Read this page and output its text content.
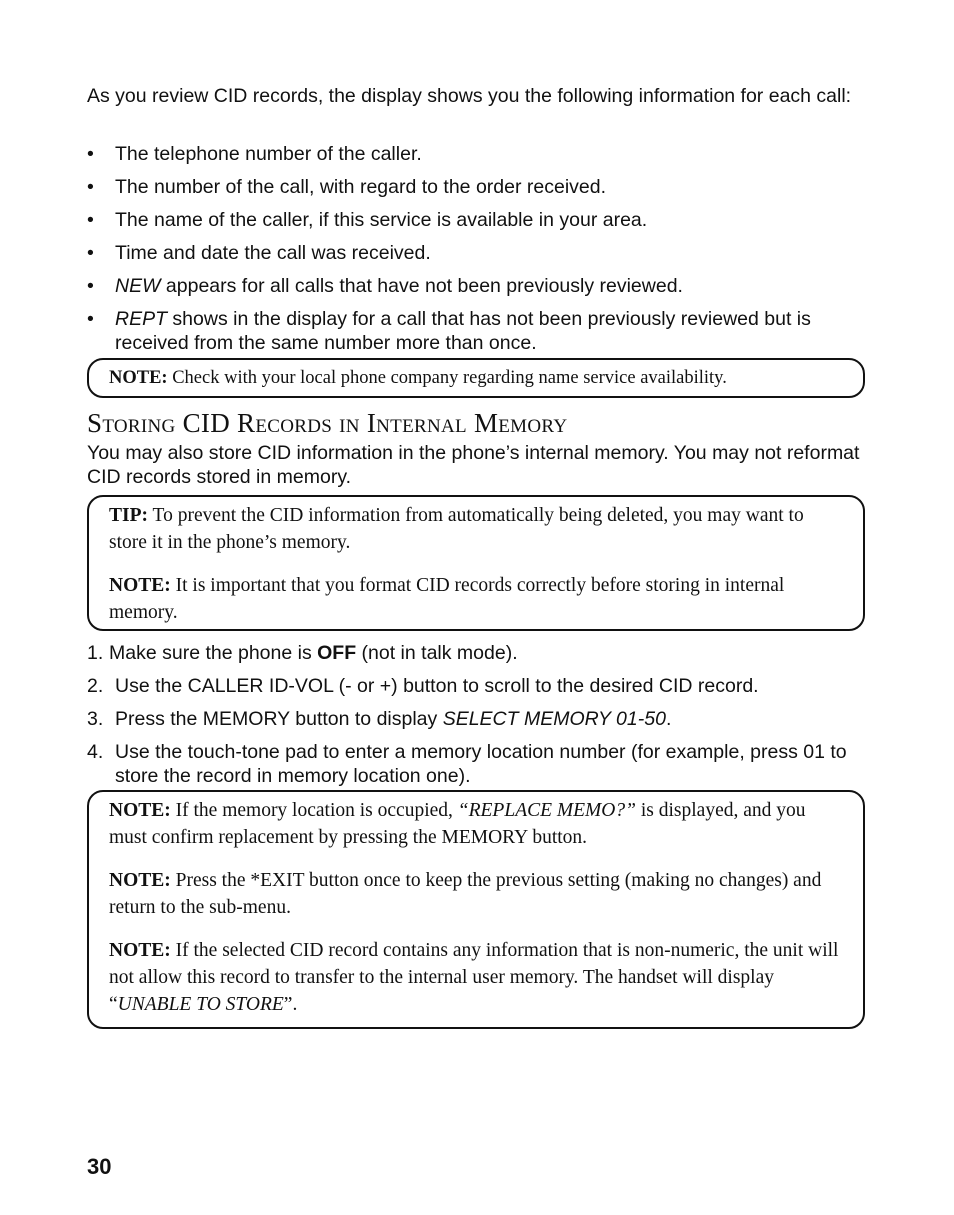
As you review CID records, the display shows you the following information for each call:

• The telephone number of the caller.
• The number of the call, with regard to the order received.
• The name of the caller, if this service is available in your area.
• Time and date the call was received.
• NEW appears for all calls that have not been previously reviewed.
• REPT shows in the display for a call that has not been previously reviewed but is received from the same number more than once.

NOTE: Check with your local phone company regarding name service availability.

Storing CID Records in Internal Memory

You may also store CID information in the phone’s internal memory. You may not reformat CID records stored in memory.

TIP: To prevent the CID information from automatically being deleted, you may want to store it in the phone’s memory.

NOTE: It is important that you format CID records correctly before storing in internal memory.

1. Make sure the phone is OFF (not in talk mode).
2. Use the CALLER ID-VOL (- or +) button to scroll to the desired CID record.
3. Press the MEMORY button to display SELECT MEMORY 01-50.
4. Use the touch-tone pad to enter a memory location number (for example, press 01 to store the record in memory location one).

NOTE: If the memory location is occupied, “REPLACE MEMO?” is displayed, and you must confirm replacement by pressing the MEMORY button.

NOTE: Press the *EXIT button once to keep the previous setting (making no changes) and return to the sub-menu.

NOTE: If the selected CID record contains any information that is non-numeric, the unit will not allow this record to transfer to the internal user memory. The handset will display “UNABLE TO STORE”.

30
